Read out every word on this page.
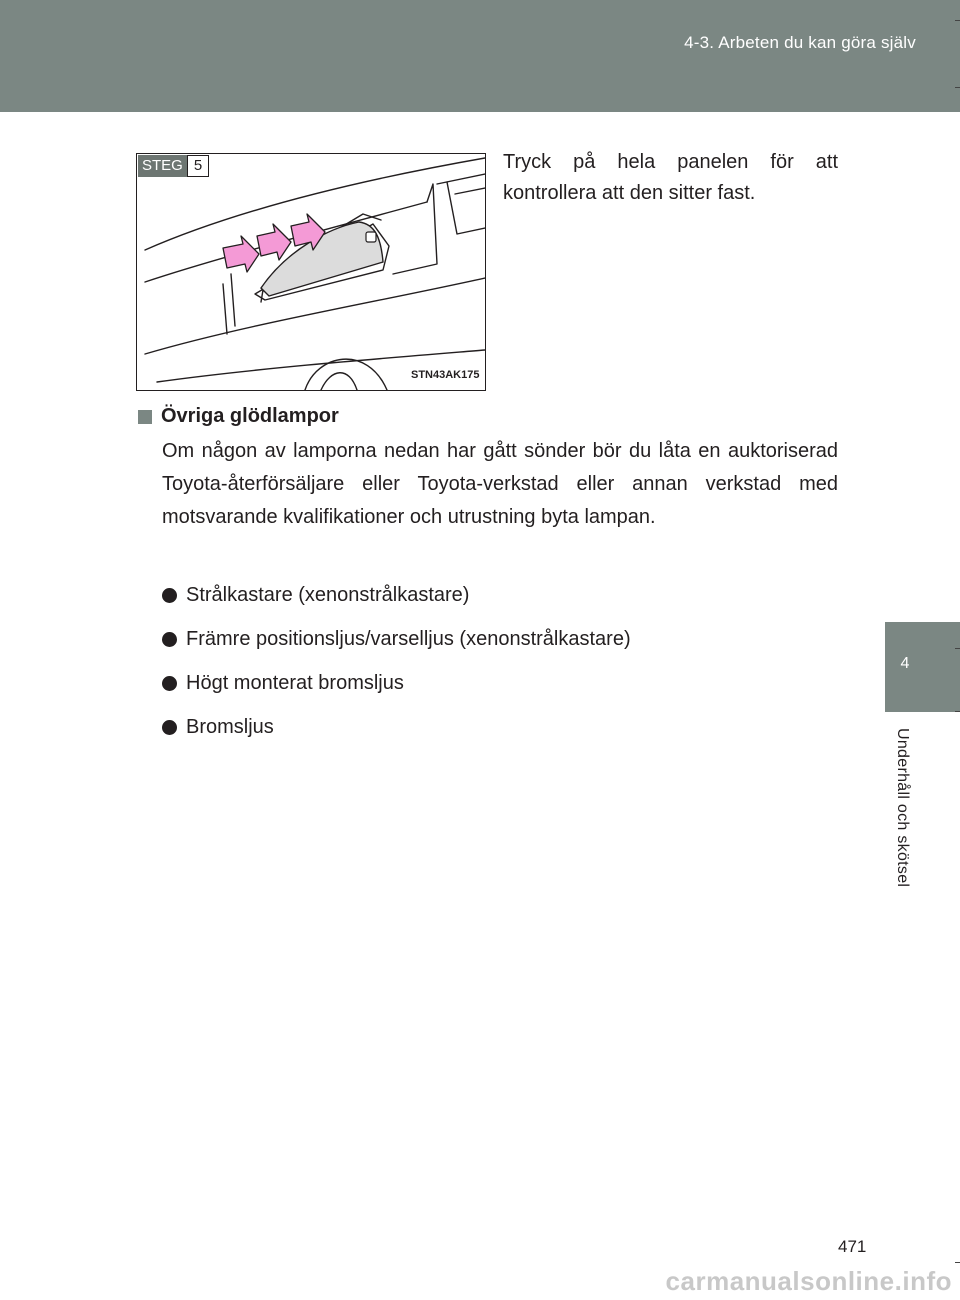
4-3. Arbeten du kan göra själv
4
Underhåll och skötsel
STEG 5
STN43AK175
Tryck på hela panelen för att kontrollera att den sitter fast.
Övriga glödlampor
Om någon av lamporna nedan har gått sönder bör du låta en auktoriserad Toyota-återförsäljare eller Toyota-verkstad eller annan verkstad med motsvarande kvalifikationer och utrustning byta lampan.
Strålkastare (xenonstrålkastare)
Främre positionsljus/varselljus (xenonstrålkastare)
Högt monterat bromsljus
Bromsljus
471
carmanualsonline.info
